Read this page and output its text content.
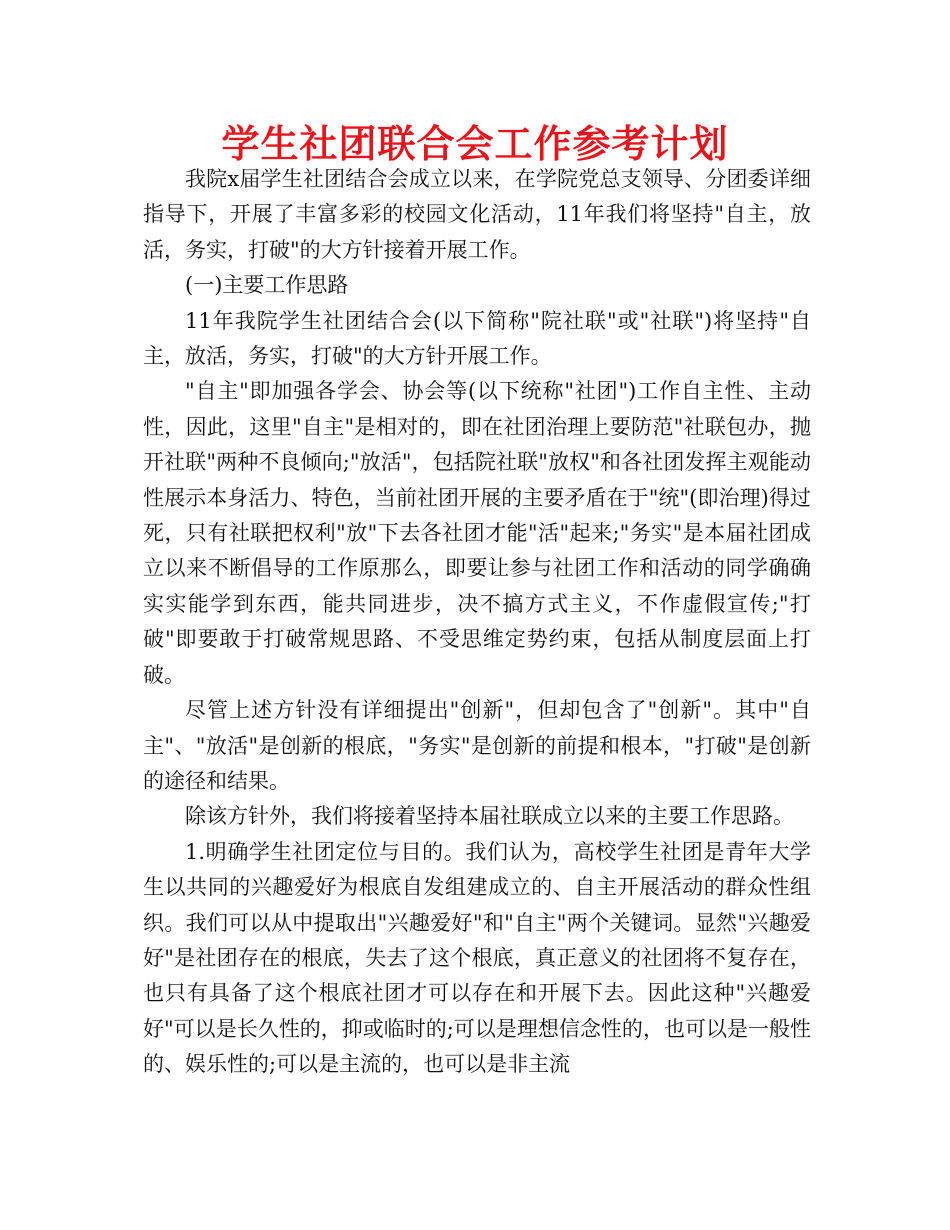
学生社团联合会工作参考计划

我院x届学生社团结合会成立以来，在学院党总支领导、分团委详细指导下，开展了丰富多彩的校园文化活动，11年我们将坚持"自主，放活，务实，打破"的大方针接着开展工作。

(一)主要工作思路

11年我院学生社团结合会(以下简称"院社联"或"社联")将坚持"自主，放活，务实，打破"的大方针开展工作。

"自主"即加强各学会、协会等(以下统称"社团")工作自主性、主动性，因此，这里"自主"是相对的，即在社团治理上要防范"社联包办，抛开社联"两种不良倾向;"放活"，包括院社联"放权"和各社团发挥主观能动性展示本身活力、特色，当前社团开展的主要矛盾在于"统"(即治理)得过死，只有社联把权利"放"下去各社团才能"活"起来;"务实"是本届社团成立以来不断倡导的工作原那么，即要让参与社团工作和活动的同学确确实实能学到东西，能共同进步，决不搞方式主义，不作虚假宣传;"打破"即要敢于打破常规思路、不受思维定势约束，包括从制度层面上打破。

尽管上述方针没有详细提出"创新"，但却包含了"创新"。其中"自主"、"放活"是创新的根底，"务实"是创新的前提和根本，"打破"是创新的途径和结果。

除该方针外，我们将接着坚持本届社联成立以来的主要工作思路。

1.明确学生社团定位与目的。我们认为，高校学生社团是青年大学生以共同的兴趣爱好为根底自发组建成立的、自主开展活动的群众性组织。我们可以从中提取出"兴趣爱好"和"自主"两个关键词。显然"兴趣爱好"是社团存在的根底，失去了这个根底，真正意义的社团将不复存在，也只有具备了这个根底社团才可以存在和开展下去。因此这种"兴趣爱好"可以是长久性的，抑或临时的;可以是理想信念性的，也可以是一般性的、娱乐性的;可以是主流的，也可以是非主流
